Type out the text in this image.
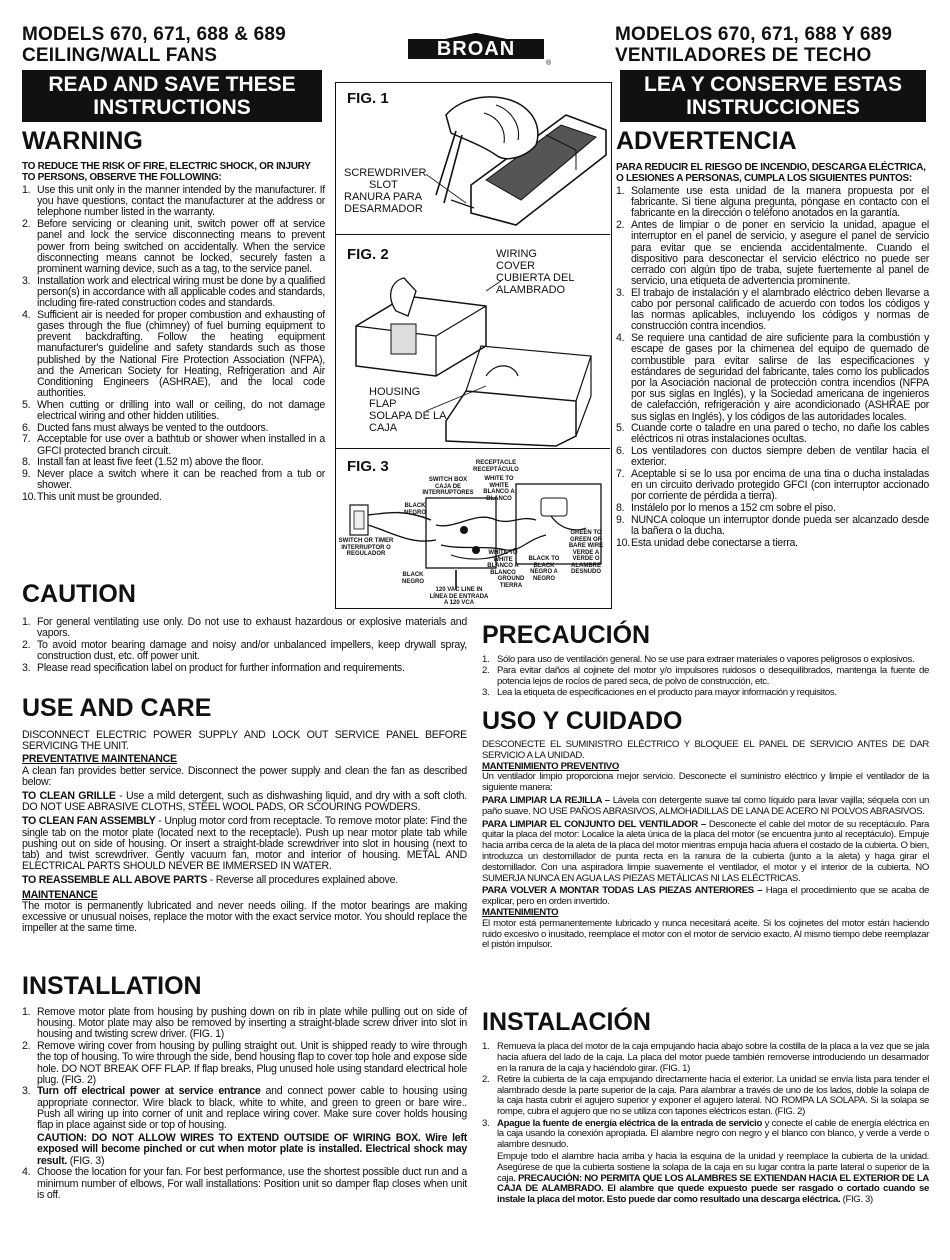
MODELS 670, 671, 688 & 689
CEILING/WALL FANS	BROAN
®
MODELOS 670, 671, 688 Y 689
VENTILADORES DE TECHO
READ AND SAVE THESE INSTRUCTIONS
WARNING
TO REDUCE THE RISK OF FIRE, ELECTRIC SHOCK, OR INJURY TO PERSONS, OBSERVE THE FOLLOWING:
1. Use this unit only in the manner intended by the manufacturer. If you have questions, contact the manufacturer at the address or telephone number listed in the warranty.
2. Before servicing or cleaning unit, switch power off at service panel and lock the service disconnecting means to prevent power from being switched on accidentally. When the service disconnecting means cannot be locked, securely fasten a prominent warning device, such as a tag, to the service panel.
3. Installation work and electrical wiring must be done by a qualified person(s) in accordance with all applicable codes and standards, including fire-rated construction codes and standards.
4. Sufficient air is needed for proper combustion and exhausting of gases through the flue (chimney) of fuel burning equipment to prevent backdrafting. Follow the heating equipment manufacturer's guideline and safety standards such as those published by the National Fire Protection Association (NFPA), and the American Society for Heating, Refrigeration and Air Conditioning Engineers (ASHRAE), and the local code authorities.
5. When cutting or drilling into wall or ceiling, do not damage electrical wiring and other hidden utilities.
6. Ducted fans must always be vented to the outdoors.
7. Acceptable for use over a bathtub or shower when installed in a GFCI protected branch circuit.
8. Install fan at least five feet (1.52 m) above the floor.
9. Never place a switch where it can be reached from a tub or shower.
10. This unit must be grounded.
FIG. 1
SCREWDRIVER
SLOT
RANURA PARA
DESARMADOR
FIG. 2	WIRING
COVER
CUBIERTA DEL
ALAMBRADO
HOUSING
FLAP
SOLAPA DE LA
CAJA
FIG. 3
SWITCH BOX
CAJA DE
INTERRUPTORES
RECEPTACLE
RECEPTÁCULO
WHITE TO
WHITE
BLANCO A
BLANCO
BLACK
NEGRO
SWITCH OR TIMER
INTERRUPTOR O
REGULADOR
GREEN TO
GREEN OR
BARE WIRE
VERDE A
VERDE O
ALAMBRE
DESNUDO
WHITE TO
WHITE
BLANCO A
BLANCO
BLACK TO
BLACK
NEGRO A
NEGRO
BLACK
NEGRO	GROUND
TIERRA
120 VAC LINE IN
LÍNEA DE ENTRADA
A 120 VCA
LEA Y CONSERVE ESTAS INSTRUCCIONES
ADVERTENCIA
PARA REDUCIR EL RIESGO DE INCENDIO, DESCARGA ELÉCTRICA, O LESIONES A PERSONAS, CUMPLA LOS SIGUIENTES PUNTOS:
1. Solamente use esta unidad de la manera propuesta por el fabricante. Si tiene alguna pregunta, póngase en contacto con el fabricante en la dirección o teléfono anotados en la garantía.
2. Antes de limpiar o de poner en servicio la unidad, apague el interruptor en el panel de servicio, y asegure el panel de servicio para evitar que se encienda accidentalmente. Cuando el dispositivo para desconectar el servicio eléctrico no puede ser cerrado con algún tipo de traba, sujete fuertemente al panel de servicio, una etiqueta de advertencia prominente.
3. El trabajo de instalación y el alambrado eléctrico deben llevarse a cabo por personal calificado de acuerdo con todos los códigos y las normas aplicables, incluyendo los códigos y normas de construcción contra incendios.
4. Se requiere una cantidad de aire suficiente para la combustión y escape de gases por la chimenea del equipo de quemado de combustible para evitar salirse de las especificaciones y estándares de seguridad del fabricante, tales como los publicados por la Asociación nacional de protección contra incendios (NFPA por sus siglas en Inglés), y la Sociedad americana de ingenieros de calefacción, refrigeración y aire acondicionado (ASHRAE por sus siglas en Inglés), y los códigos de las autoridades locales.
5. Cuande corte o taladre en una pared o techo, no dañe los cables eléctricos ni otras instalaciones ocultas.
6. Los ventiladores con ductos siempre deben de ventilar hacia el exterior.
7. Aceptable si se lo usa por encima de una tina o ducha instaladas en un circuito derivado protegido GFCI (con interruptor accionado por corriente de pérdida a tierra).
8. Instálelo por lo menos a 152 cm sobre el piso.
9. NUNCA coloque un interruptor donde pueda ser alcanzado desde la bañera o la ducha.
10. Esta unidad debe conectarse a tierra.
CAUTION
1. For general ventilating use only. Do not use to exhaust hazardous or explosive materials and vapors.
2. To avoid motor bearing damage and noisy and/or unbalanced impellers, keep drywall spray, construction dust, etc. off power unit.
3. Please read specification label on product for further information and requirements.
USE AND CARE
DISCONNECT ELECTRIC POWER SUPPLY AND LOCK OUT SERVICE PANEL BEFORE SERVICING THE UNIT.
PREVENTATIVE MAINTENANCE
A clean fan provides better service. Disconnect the power supply and clean the fan as described below:
TO CLEAN GRILLE - Use a mild detergent, such as dishwashing liquid, and dry with a soft cloth. DO NOT USE ABRASIVE CLOTHS, STEEL WOOL PADS, OR SCOURING POWDERS.
TO CLEAN FAN ASSEMBLY - Unplug motor cord from receptacle. To remove motor plate: Find the single tab on the motor plate (located next to the receptacle). Push up near motor plate tab while pushing out on side of housing. Or insert a straight-blade screwdriver into slot in housing (next to tab) and twist screwdriver. Gently vacuum fan, motor and interior of housing. METAL AND ELECTRICAL PARTS SHOULD NEVER BE IMMERSED IN WATER.
TO REASSEMBLE ALL ABOVE PARTS - Reverse all procedures explained above.
MAINTENANCE
The motor is permanently lubricated and never needs oiling. If the motor bearings are making excessive or unusual noises, replace the motor with the exact service motor. You should replace the impeller at the same time.
INSTALLATION
1. Remove motor plate from housing by pushing down on rib in plate while pulling out on side of housing. Motor plate may also be removed by inserting a straight-blade screw driver into slot in housing and twisting screw driver. (FIG. 1)
2. Remove wiring cover from housing by pulling straight out. Unit is shipped ready to wire through the top of housing. To wire through the side, bend housing flap to cover top hole and expose side hole. DO NOT BREAK OFF FLAP. If flap breaks, Plug unused hole using standard electrical hole plug. (FIG. 2)
3. Turn off electrical power at service entrance and connect power cable to housing using appropriate connector. Wire black to black, white to white, and green to green or bare wire.. Push all wiring up into corner of unit and replace wiring cover. Make sure cover holds housing flap in place against side or top of housing.
CAUTION: DO NOT ALLOW WIRES TO EXTEND OUTSIDE OF WIRING BOX. Wire left exposed will become pinched or cut when motor plate is installed. Electrical shock may result. (FIG. 3)
4. Choose the location for your fan. For best performance, use the shortest possible duct run and a minimum number of elbows, For wall installations: Position unit so damper flap closes when unit is off.
PRECAUCIÓN
1. Sólo para uso de ventilación general. No se use para extraer materiales o vapores peligrosos o explosivos.
2. Para evitar daños al cojinete del motor y/o impulsores ruidosos o desequilibrados, mantenga la fuente de potencia lejos de rocíos de pared seca, de polvo de construcción, etc.
3. Lea la etiqueta de especificaciones en el producto para mayor información y requisitos.
USO Y CUIDADO
DESCONECTE EL SUMINISTRO ELÉCTRICO Y BLOQUEE EL PANEL DE SERVICIO ANTES DE DAR SERVICIO A LA UNIDAD.
MANTENIMIENTO PREVENTIVO
Un ventilador limpio proporciona mejor servicio. Desconecte el suministro eléctrico y limpie el ventilador de la siguiente manera:
PARA LIMPIAR LA REJILLA – Lávela con detergente suave tal como líquido para lavar vajilla; séquela con un paño suave. NO USE PAÑOS ABRASIVOS, ALMOHADILLAS DE LANA DE ACERO NI POLVOS ABRASIVOS.
PARA LIMPIAR EL CONJUNTO DEL VENTILADOR – Desconecte el cable del motor de su receptáculo. Para quitar la placa del motor: Localice la aleta única de la placa del motor (se encuentra junto al receptáculo). Empuje hacia arriba cerca de la aleta de la placa del motor mientras empuja hacia afuera el costado de la cubierta. O bien, introduzca un destornillador de punta recta en la ranura de la cubierta (junto a la aleta) y haga girar el destornillador. Con una aspiradora limpie suavemente el ventilador, el motor y el interior de la cubierta. NO SUMERJA NUNCA EN AGUA LAS PIEZAS METÁLICAS NI LAS ELÉCTRICAS.
PARA VOLVER A MONTAR TODAS LAS PIEZAS ANTERIORES – Haga el procedimiento que se acaba de explicar, pero en orden invertido.
MANTENIMIENTO
El motor está permanentemente lubricado y nunca necesitará aceite. Si los cojinetes del motor están haciendo ruido excesivo o inusitado, reemplace el motor con el motor de servicio exacto. Al mismo tiempo debe reemplazar el pistón impulsor.
INSTALACIÓN
1. Remueva la placa del motor de la caja empujando hacia abajo sobre la costilla de la placa a la vez que se jala hacia afuera del lado de la caja. La placa del motor puede también removerse introduciendo un desarmador en la ranura de la caja y haciéndolo girar. (FIG. 1)
2. Retire la cubierta de la caja empujando directamente hacia el exterior. La unidad se envía lista para tender el alambrado desde la parte superior de la caja. Para alambrar a través de uno de los lados, doble la solapa de la caja hasta cubrir el agujero superior y exponer el agujero lateral. NO ROMPA LA SOLAPA. Si la solapa se rompe, cubra el agujero que no se utiliza con tapones eléctricos estan. (FIG. 2)
3. Apague la fuente de energía eléctrica de la entrada de servicio y conecte el cable de energía eléctrica en la caja usando la conexión apropiada. El alambre negro con negro y el blanco con blanco, y verde a verde o alambre desnudo.
Empuje todo el alambre hacia arriba y hacia la esquina de la unidad y reemplace la cubierta de la unidad. Asegúrese de que la cubierta sostiene la solapa de la caja en su lugar contra la parte lateral o superior de la caja. PRECAUCIÓN: NO PERMITA QUE LOS ALAMBRES SE EXTIENDAN HACIA EL EXTERIOR DE LA CAJA DE ALAMBRADO. El alambre que quede expuesto puede ser rasgado o cortado cuando se instale la placa del motor. Esto puede dar como resultado una descarga eléctrica. (FIG. 3)
